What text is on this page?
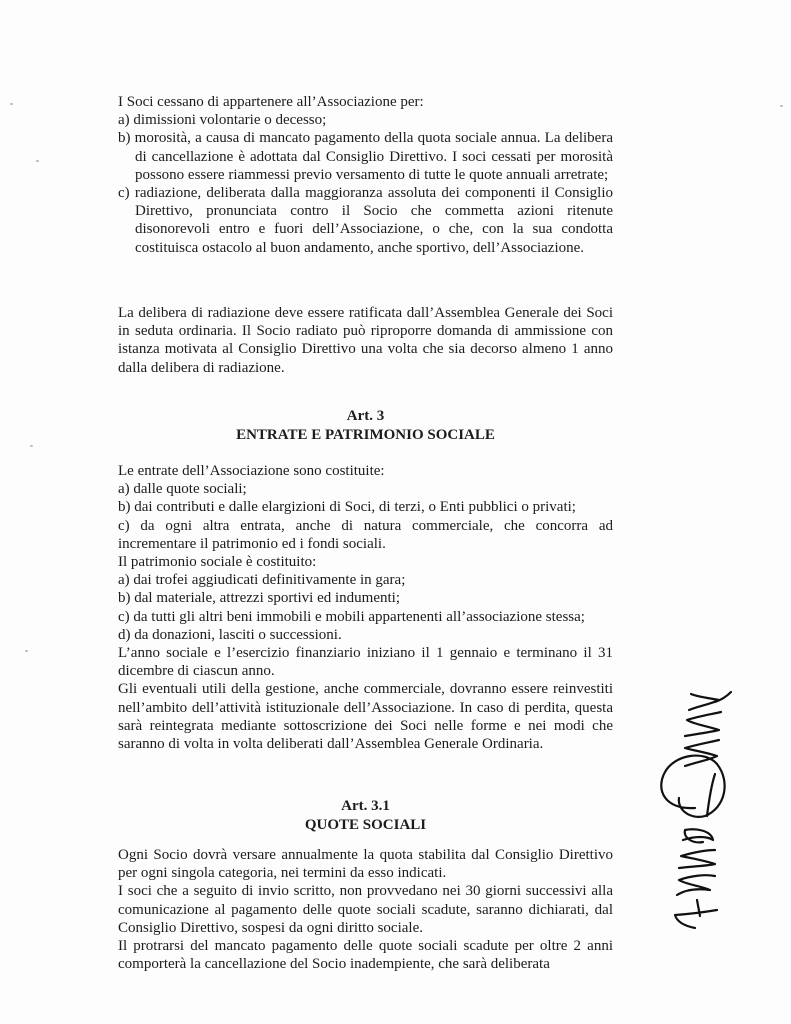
I Soci cessano di appartenere all’Associazione per:

a) dimissioni volontarie o decesso;

b) morosità, a causa di mancato pagamento della quota sociale annua. La delibera di cancellazione è adottata dal Consiglio Direttivo. I soci cessati per morosità possono essere riammessi previo versamento di tutte le quote annuali arretrate;

c) radiazione, deliberata dalla maggioranza assoluta dei componenti il Consiglio Direttivo, pronunciata contro il Socio che commetta azioni ritenute disonorevoli entro e fuori dell’Associazione, o che, con la sua condotta costituisca ostacolo al buon andamento, anche sportivo, dell’Associazione.

La delibera di radiazione deve essere ratificata dall’Assemblea Generale dei Soci in seduta ordinaria. Il Socio radiato può riproporre domanda di ammissione con istanza motivata al Consiglio Direttivo una volta che sia decorso almeno 1 anno dalla delibera di radiazione.

Art. 3
ENTRATE E PATRIMONIO SOCIALE

Le entrate dell’Associazione sono costituite:

a) dalle quote sociali;

b) dai contributi e dalle elargizioni di Soci, di terzi, o Enti pubblici o privati;

c) da ogni altra entrata, anche di natura commerciale, che concorra ad incrementare il patrimonio ed i fondi sociali.

Il patrimonio sociale è costituito:

a) dai trofei aggiudicati definitivamente in gara;

b) dal materiale, attrezzi sportivi ed indumenti;

c) da tutti gli altri beni immobili e mobili appartenenti all’associazione stessa;

d) da donazioni, lasciti o successioni.

L’anno sociale e l’esercizio finanziario iniziano il 1 gennaio e terminano il 31 dicembre di ciascun anno.

Gli eventuali utili della gestione, anche commerciale, dovranno essere reinvestiti nell’ambito dell’attività istituzionale dell’Associazione. In caso di perdita, questa sarà reintegrata mediante sottoscrizione dei Soci nelle forme e nei modi che saranno di volta in volta deliberati dall’Assemblea Generale Ordinaria.

Art. 3.1
QUOTE SOCIALI

Ogni Socio dovrà versare annualmente la quota stabilita dal Consiglio Direttivo per ogni singola categoria, nei termini da esso indicati.

I soci che a seguito di invio scritto, non provvedano nei 30 giorni successivi alla comunicazione al pagamento delle quote sociali scadute, saranno dichiarati, dal Consiglio Direttivo, sospesi da ogni diritto sociale.

Il protrarsi del mancato pagamento delle quote sociali scadute per oltre 2 anni comporterà la cancellazione del Socio inadempiente, che sarà deliberata
